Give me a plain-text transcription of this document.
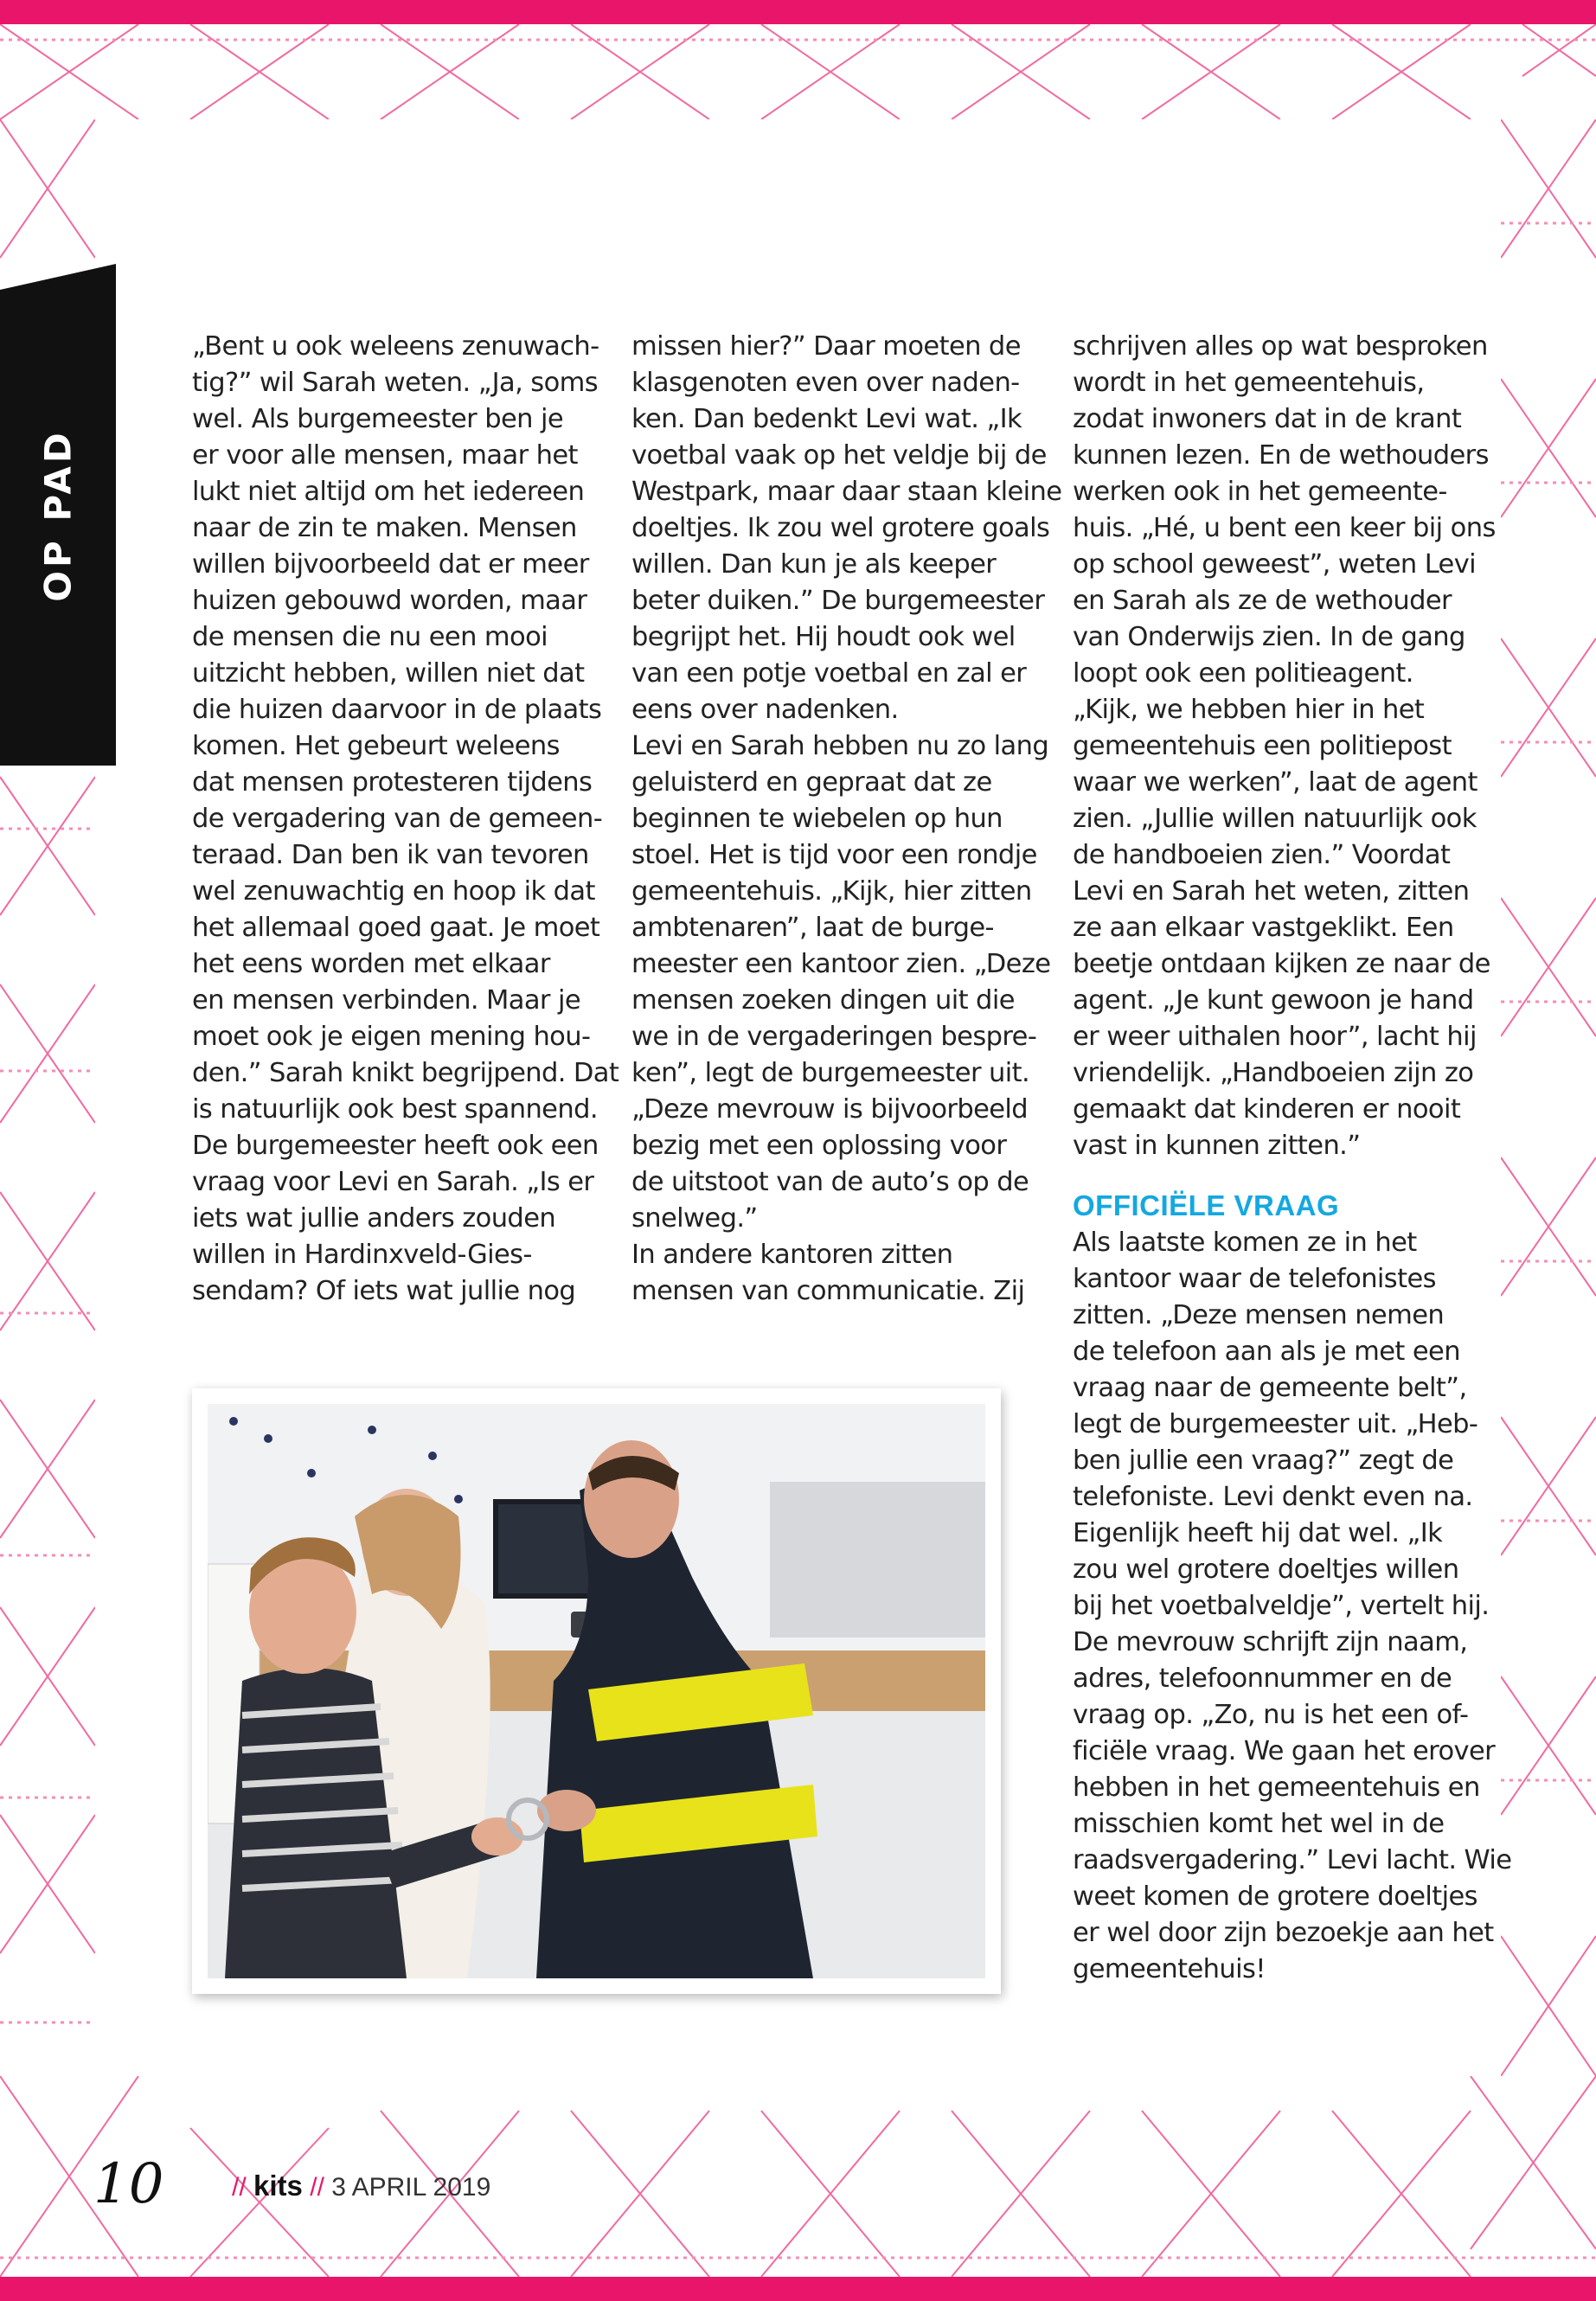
OP PAD

„Bent u ook weleens zenuwach-

tig?” wil Sarah weten. „Ja, soms

wel. Als burgemeester ben je

er voor alle mensen, maar het

lukt niet altijd om het iedereen

naar de zin te maken. Mensen

willen bijvoorbeeld dat er meer

huizen gebouwd worden, maar

de mensen die nu een mooi

uitzicht hebben, willen niet dat

die huizen daarvoor in de plaats

komen. Het gebeurt weleens

dat mensen protesteren tijdens

de vergadering van de gemeen-

teraad. Dan ben ik van tevoren

wel zenuwachtig en hoop ik dat

het allemaal goed gaat. Je moet

het eens worden met elkaar

en mensen verbinden. Maar je

moet ook je eigen mening hou-

den.” Sarah knikt begrijpend. Dat

is natuurlijk ook best spannend.

De burgemeester heeft ook een

vraag voor Levi en Sarah. „Is er

iets wat jullie anders zouden

willen in Hardinxveld-Gies-

sendam? Of iets wat jullie nog

missen hier?” Daar moeten de

klasgenoten even over naden-

ken. Dan bedenkt Levi wat. „Ik

voetbal vaak op het veldje bij de

Westpark, maar daar staan kleine

doeltjes. Ik zou wel grotere goals

willen. Dan kun je als keeper

beter duiken.” De burgemeester

begrijpt het. Hij houdt ook wel

van een potje voetbal en zal er

eens over nadenken.

Levi en Sarah hebben nu zo lang

geluisterd en gepraat dat ze

beginnen te wiebelen op hun

stoel. Het is tijd voor een rondje

gemeentehuis. „Kijk, hier zitten

ambtenaren”, laat de burge-

meester een kantoor zien. „Deze

mensen zoeken dingen uit die

we in de vergaderingen bespre-

ken”, legt de burgemeester uit.

„Deze mevrouw is bijvoorbeeld

bezig met een oplossing voor

de uitstoot van de auto’s op de

snelweg.”

In andere kantoren zitten

mensen van communicatie. Zij

schrijven alles op wat besproken

wordt in het gemeentehuis,

zodat inwoners dat in de krant

kunnen lezen. En de wethouders

werken ook in het gemeente-

huis. „Hé, u bent een keer bij ons

op school geweest”, weten Levi

en Sarah als ze de wethouder

van Onderwijs zien. In de gang

loopt ook een politieagent.

„Kijk, we hebben hier in het

gemeentehuis een politiepost

waar we werken”, laat de agent

zien. „Jullie willen natuurlijk ook

de handboeien zien.” Voordat

Levi en Sarah het weten, zitten

ze aan elkaar vastgeklikt. Een

beetje ontdaan kijken ze naar de

agent. „Je kunt gewoon je hand

er weer uithalen hoor”, lacht hij

vriendelijk. „Handboeien zijn zo

gemaakt dat kinderen er nooit

vast in kunnen zitten.”

OFFICIËLE VRAAG

Als laatste komen ze in het

kantoor waar de telefonistes

zitten. „Deze mensen nemen

de telefoon aan als je met een

vraag naar de gemeente belt”,

legt de burgemeester uit. „Heb-

ben jullie een vraag?” zegt de

telefoniste. Levi denkt even na.

Eigenlijk heeft hij dat wel. „Ik

zou wel grotere doeltjes willen

bij het voetbalveldje”, vertelt hij.

De mevrouw schrijft zijn naam,

adres, telefoonnummer en de

vraag op. „Zo, nu is het een of-

ficiële vraag. We gaan het erover

hebben in het gemeentehuis en

misschien komt het wel in de

raadsvergadering.” Levi lacht. Wie

weet komen de grotere doeltjes

er wel door zijn bezoekje aan het

gemeentehuis!

10	// kits // 3 APRIL 2019
